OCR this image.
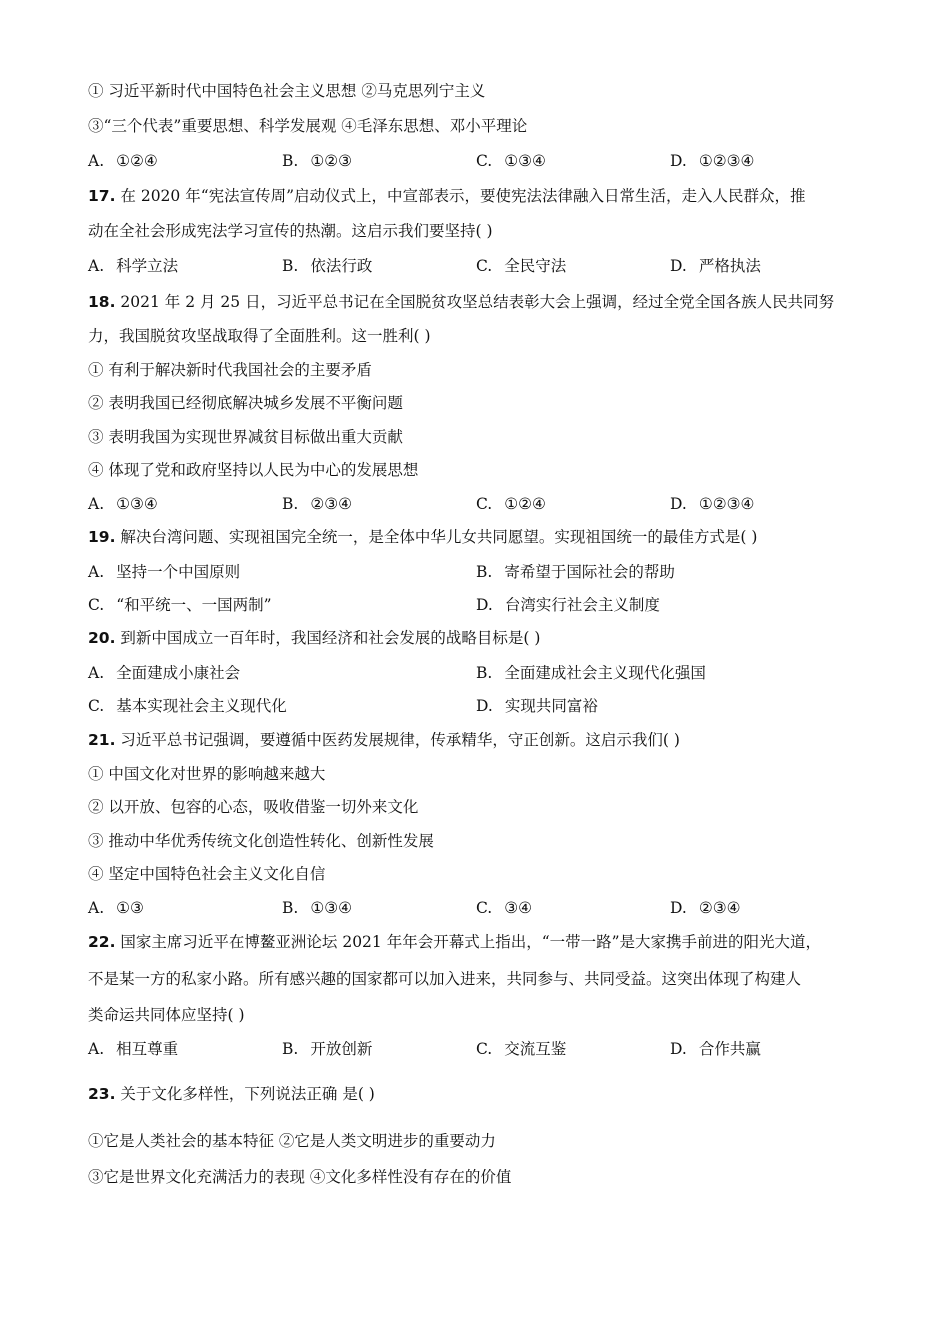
① 习近平新时代中国特色社会主义思想 ②马克思列宁主义
③“三个代表”重要思想、科学发展观 ④毛泽东思想、邓小平理论
A. ①②④	B. ①②③	C. ①③④	D. ①②③④
17. 在 2020 年“宪法宣传周”启动仪式上，中宣部表示，要使宪法法律融入日常生活，走入人民群众，推
动在全社会形成宪法学习宣传的热潮。这启示我们要坚持( )
A. 科学立法	B. 依法行政	C. 全民守法	D. 严格执法
18. 2021 年 2 月 25 日，习近平总书记在全国脱贫攻坚总结表彰大会上强调，经过全党全国各族人民共同努
力，我国脱贫攻坚战取得了全面胜利。这一胜利( )
① 有利于解决新时代我国社会的主要矛盾
② 表明我国已经彻底解决城乡发展不平衡问题
③ 表明我国为实现世界减贫目标做出重大贡献
④ 体现了党和政府坚持以人民为中心的发展思想
A. ①③④	B. ②③④	C. ①②④	D. ①②③④
19. 解决台湾问题、实现祖国完全统一，是全体中华儿女共同愿望。实现祖国统一的最佳方式是( )
A. 坚持一个中国原则	B. 寄希望于国际社会的帮助
C. “和平统一、一国两制”	D. 台湾实行社会主义制度
20. 到新中国成立一百年时，我国经济和社会发展的战略目标是( )
A. 全面建成小康社会	B. 全面建成社会主义现代化强国
C. 基本实现社会主义现代化	D. 实现共同富裕
21. 习近平总书记强调，要遵循中医药发展规律，传承精华，守正创新。这启示我们( )
① 中国文化对世界的影响越来越大
② 以开放、包容的心态，吸收借鉴一切外来文化
③ 推动中华优秀传统文化创造性转化、创新性发展
④ 坚定中国特色社会主义文化自信
A. ①③	B. ①③④	C. ③④	D. ②③④
22. 国家主席习近平在博鳌亚洲论坛 2021 年年会开幕式上指出，“一带一路”是大家携手前进的阳光大道，
不是某一方的私家小路。所有感兴趣的国家都可以加入进来，共同参与、共同受益。这突出体现了构建人
类命运共同体应坚持( )
A. 相互尊重	B. 开放创新	C. 交流互鉴	D. 合作共赢
23. 关于文化多样性，下列说法正确 是( )
①它是人类社会的基本特征 ②它是人类文明进步的重要动力
③它是世界文化充满活力的表现 ④文化多样性没有存在的价值
